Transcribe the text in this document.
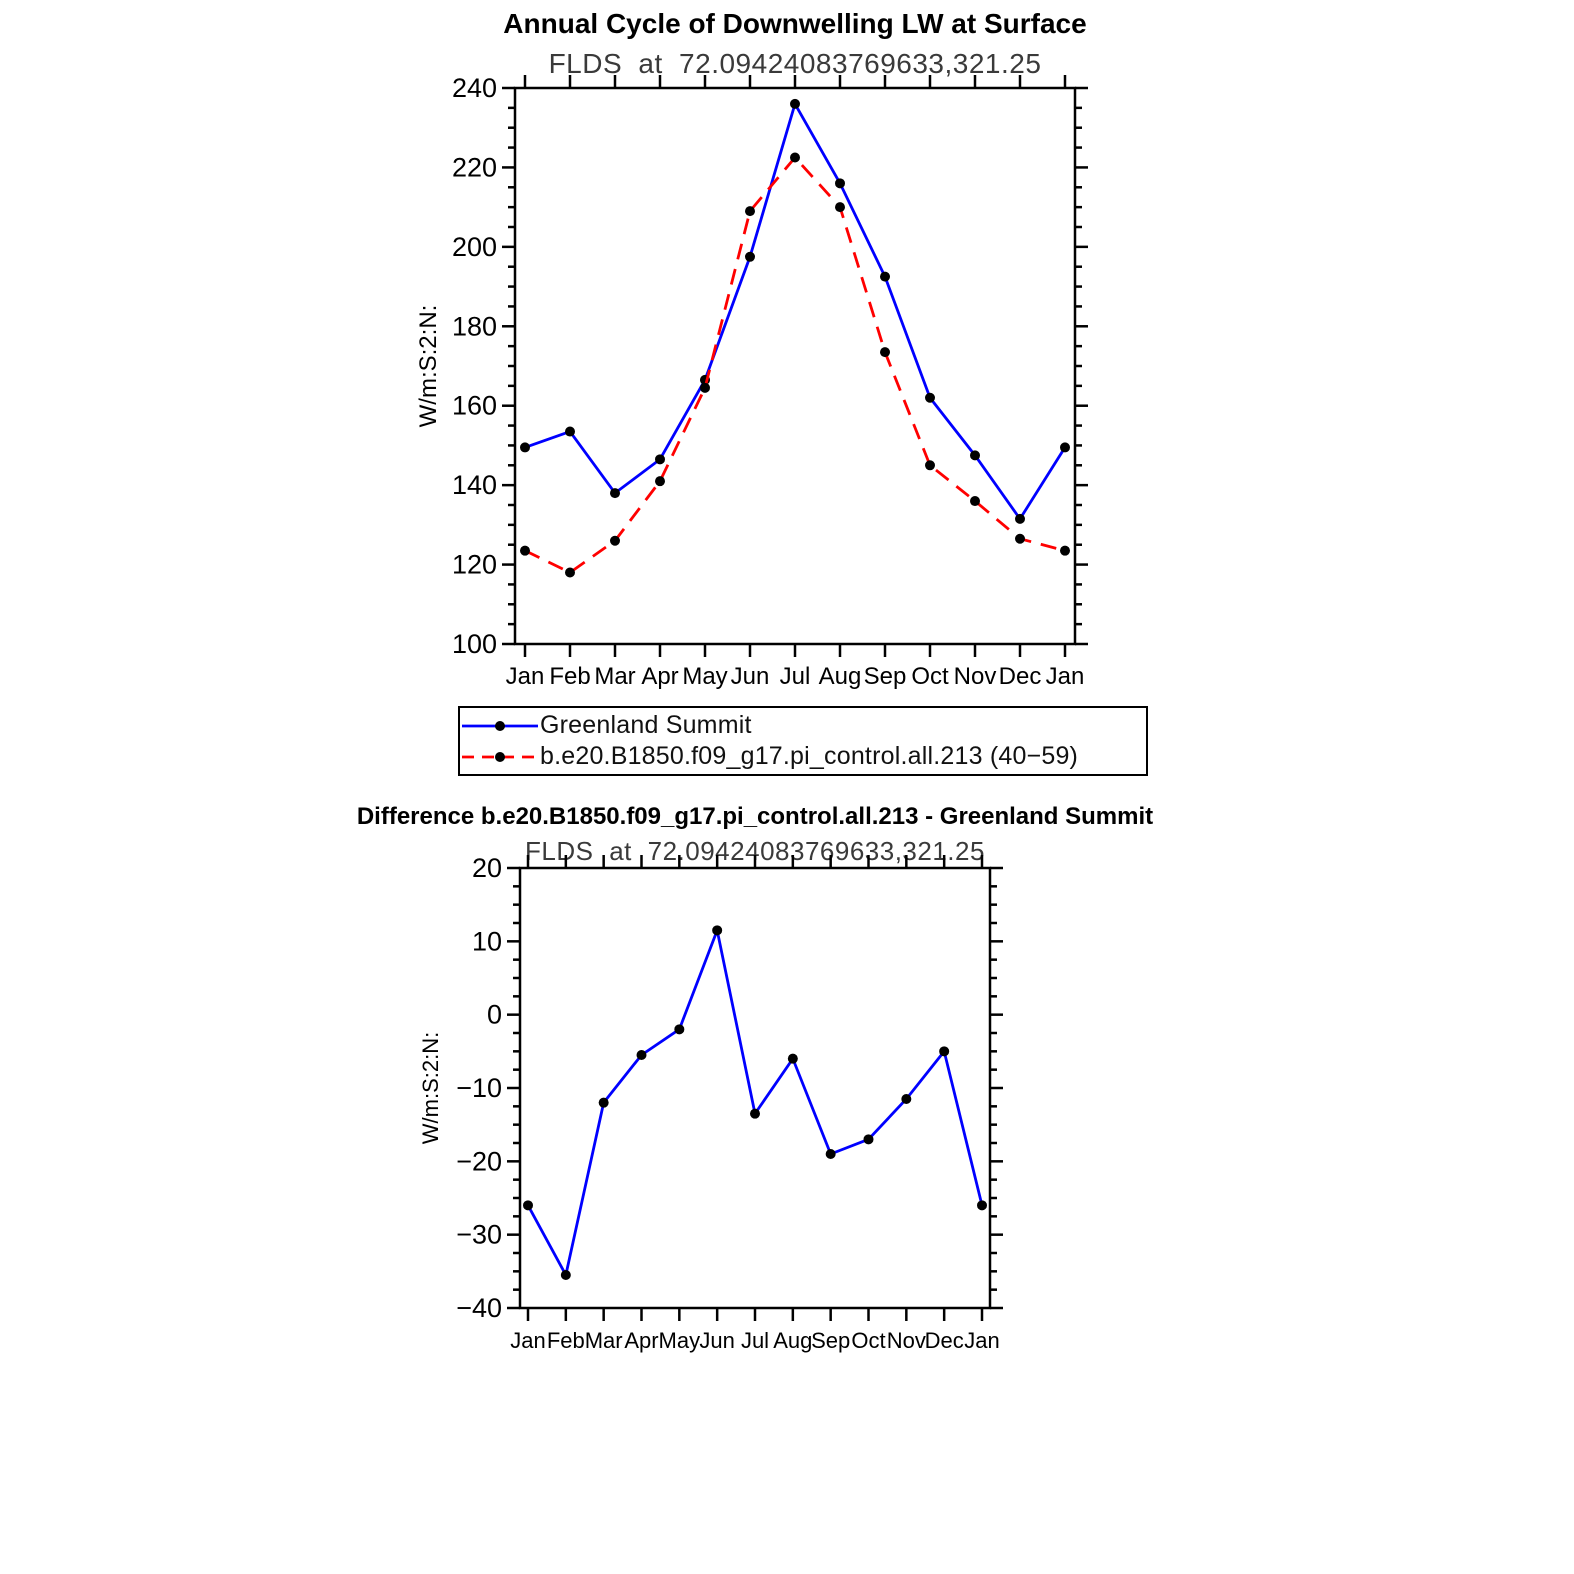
Annual Cycle of Downwelling LW at Surface
FLDS at 72.09424083769633,321.25
100
120
140
160
180
200
220
240
Jan Feb Mar Apr May Jun Jul Aug Sep Oct Nov Dec Jan
W/m:S:2:N:
Greenland Summit
b.e20.B1850.f09_g17.pi_control.all.213 (40−59)
Difference b.e20.B1850.f09_g17.pi_control.all.213 - Greenland Summit
FLDS at 72.09424083769633,321.25
−40
−30
−20
−10
0
10
20
Jan Feb Mar Apr May Jun Jul Aug
Sep Oct Nov
Dec Jan
W/m:S:2:N:
